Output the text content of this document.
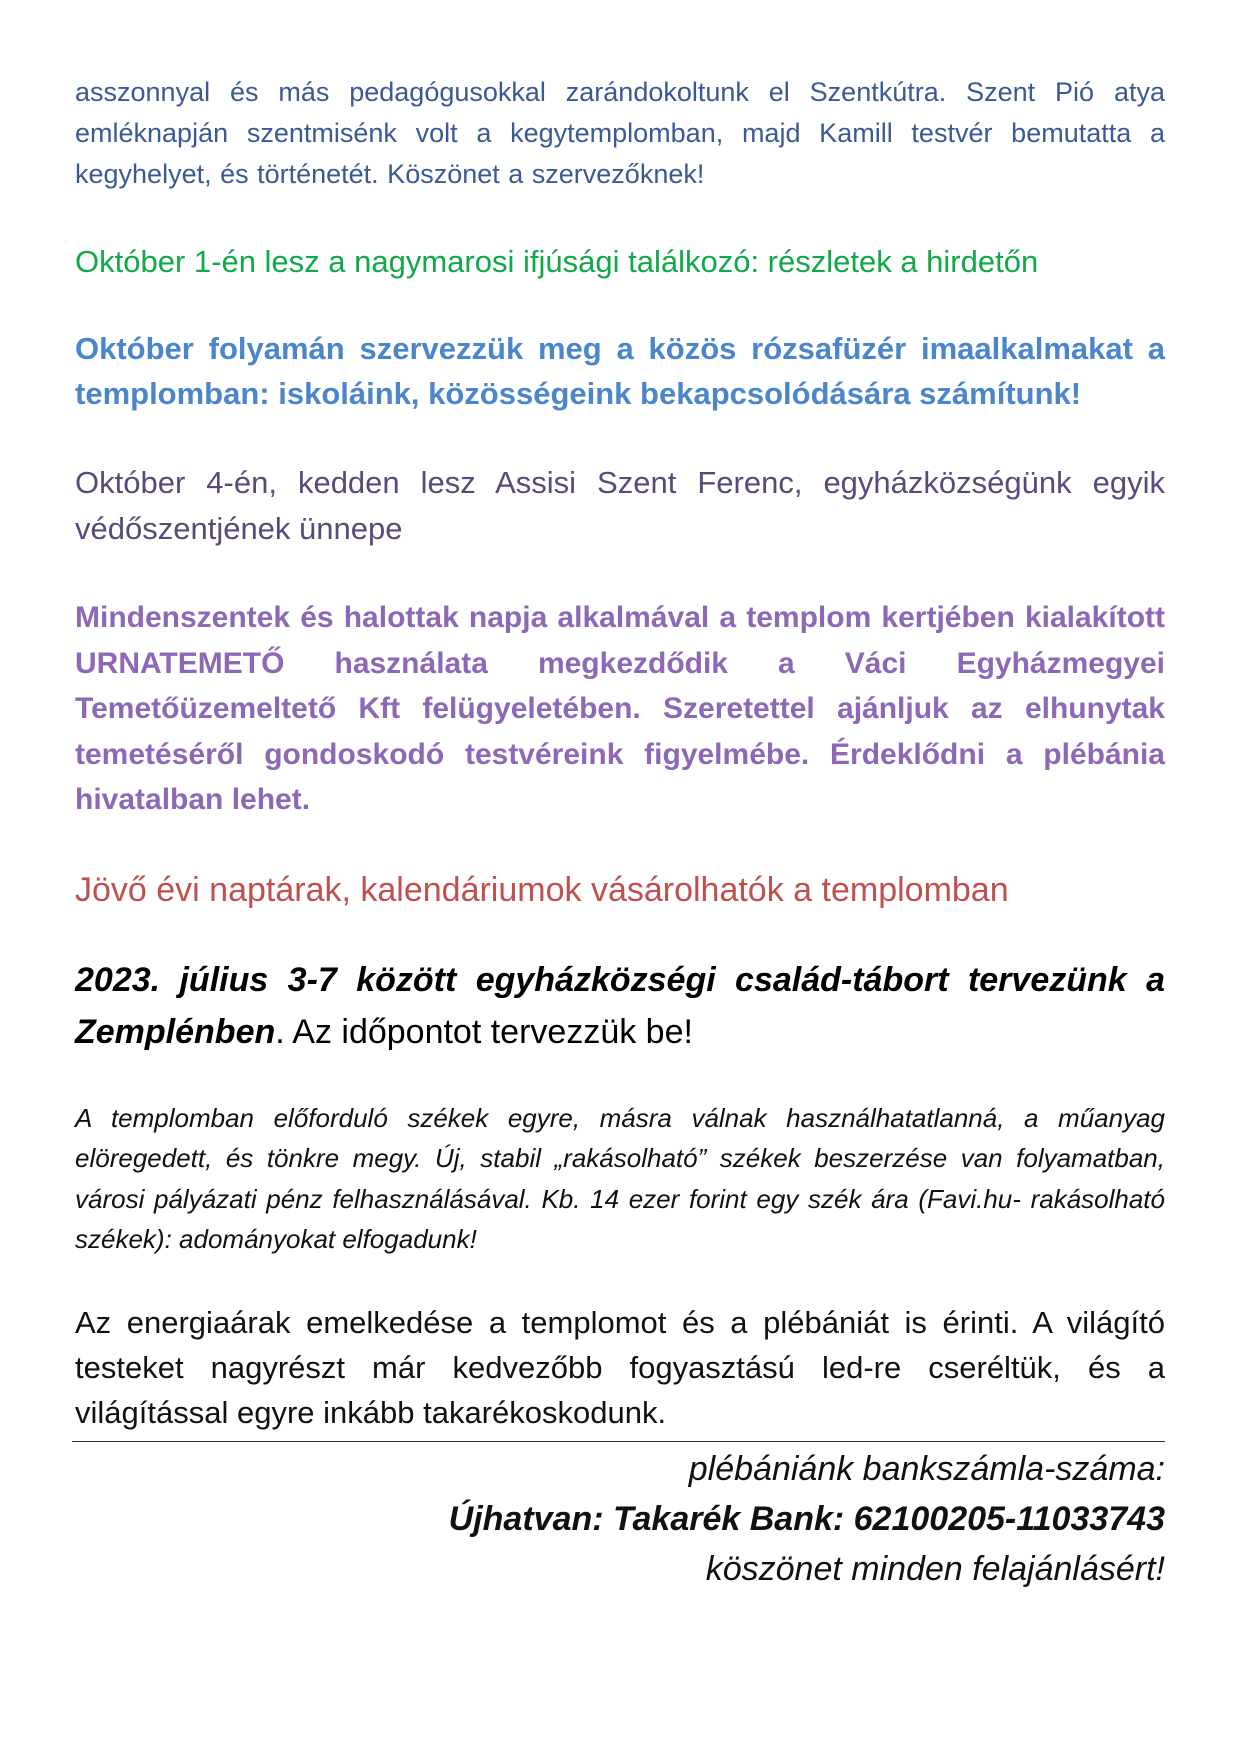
asszonnyal és más pedagógusokkal zarándokoltunk el Szentkútra. Szent Pió atya emléknapján szentmisénk volt a kegytemplomban, majd Kamill testvér bemutatta a kegyhelyet, és történetét. Köszönet a szervezőknek!

Október 1-én lesz a nagymarosi ifjúsági találkozó: részletek a hirdetőn

Október folyamán szervezzük meg a közös rózsafüzér imaalkalmakat a templomban: iskoláink, közösségeink bekapcsolódására számítunk!

Október 4-én, kedden lesz Assisi Szent Ferenc, egyházközségünk egyik védőszentjének ünnepe

Mindenszentek és halottak napja alkalmával a templom kertjében kialakított URNATEMETŐ használata megkezdődik a Váci Egyházmegyei Temetőüzemeltető Kft felügyeletében. Szeretettel ajánljuk az elhunytak temetéséről gondoskodó testvéreink figyelmébe. Érdeklődni a plébánia hivatalban lehet.

Jövő évi naptárak, kalendáriumok vásárolhatók a templomban

2023. július 3-7 között egyházközségi család-tábort tervezünk a Zemplénben. Az időpontot tervezzük be!

A templomban előforduló székek egyre, másra válnak használhatatlanná, a műanyag elöregedett, és tönkre megy. Új, stabil „rakásolható” székek beszerzése van folyamatban, városi pályázati pénz felhasználásával. Kb. 14 ezer forint egy szék ára (Favi.hu- rakásolható székek): adományokat elfogadunk!

Az energiaárak emelkedése a templomot és a plébániát is érinti. A világító testeket nagyrészt már kedvezőbb fogyasztású led-re cseréltük, és a világítással egyre inkább takarékoskodunk.

plébániánk bankszámla-száma:
Újhatvan: Takarék Bank: 62100205-11033743
köszönet minden felajánlásért!
